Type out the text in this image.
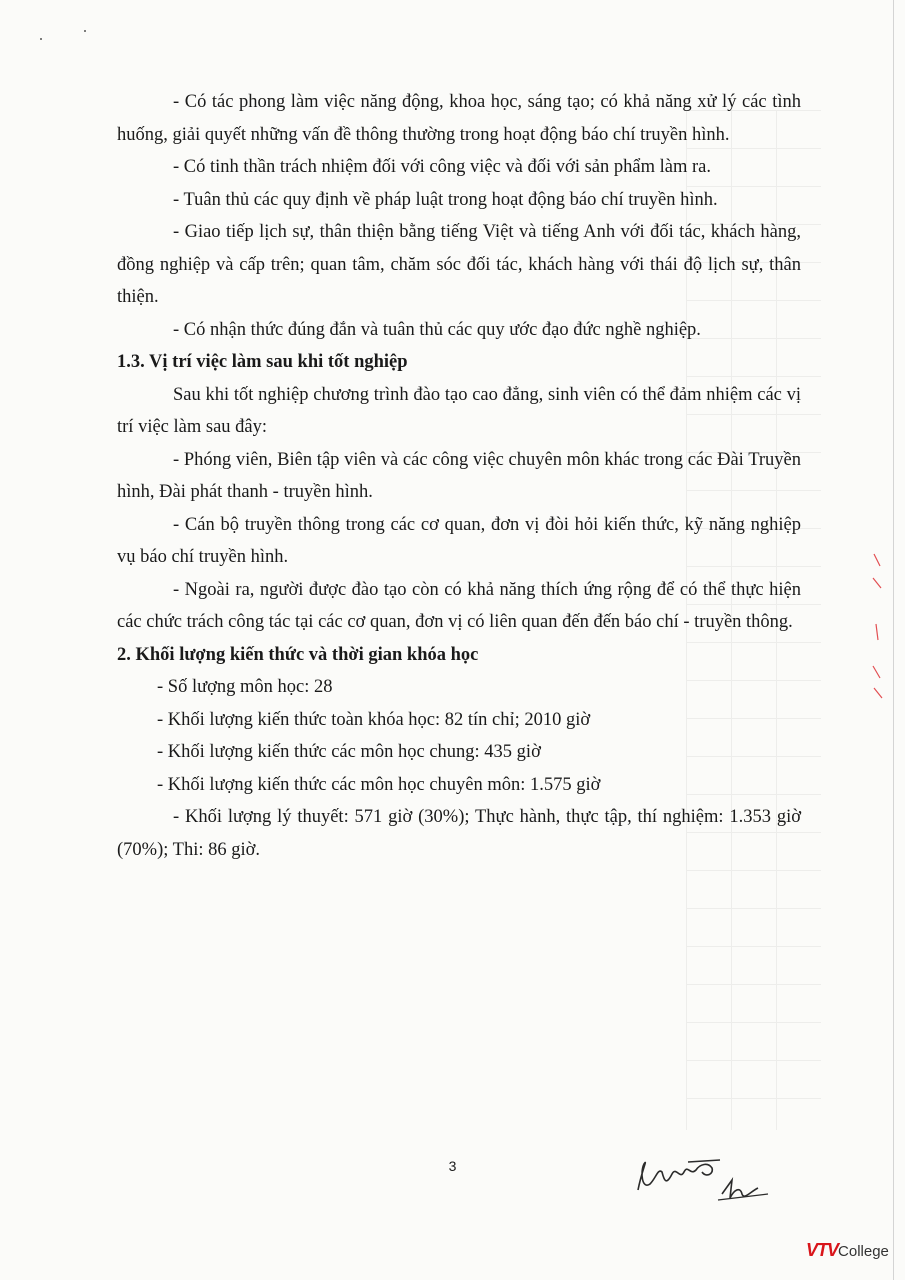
- Có tác phong làm việc năng động, khoa học, sáng tạo; có khả năng xử lý các tình huống, giải quyết những vấn đề thông thường trong hoạt động báo chí truyền hình.

- Có tinh thần trách nhiệm đối với công việc và đối với sản phẩm làm ra.

- Tuân thủ các quy định về pháp luật trong hoạt động báo chí truyền hình.

- Giao tiếp lịch sự, thân thiện bằng tiếng Việt và tiếng Anh với đối tác, khách hàng, đồng nghiệp và cấp trên; quan tâm, chăm sóc đối tác, khách hàng với thái độ lịch sự, thân thiện.

- Có nhận thức đúng đắn và tuân thủ các quy ước đạo đức nghề nghiệp.

1.3. Vị trí việc làm sau khi tốt nghiệp

Sau khi tốt nghiệp chương trình đào tạo cao đẳng, sinh viên có thể đảm nhiệm các vị trí việc làm sau đây:

- Phóng viên, Biên tập viên và các công việc chuyên môn khác trong các Đài Truyền hình, Đài phát thanh - truyền hình.

- Cán bộ truyền thông trong các cơ quan, đơn vị đòi hỏi kiến thức, kỹ năng nghiệp vụ báo chí truyền hình.

- Ngoài ra, người được đào tạo còn có khả năng thích ứng rộng để có thể thực hiện các chức trách công tác tại các cơ quan, đơn vị có liên quan đến đến báo chí - truyền thông.

2. Khối lượng kiến thức và thời gian khóa học

- Số lượng môn học: 28

- Khối lượng kiến thức toàn khóa học: 82 tín chỉ; 2010 giờ

- Khối lượng kiến thức các môn học chung: 435 giờ

- Khối lượng kiến thức các môn học chuyên môn: 1.575 giờ

- Khối lượng lý thuyết: 571 giờ (30%); Thực hành, thực tập, thí nghiệm: 1.353 giờ (70%); Thi: 86 giờ.

3
VTVCollege
